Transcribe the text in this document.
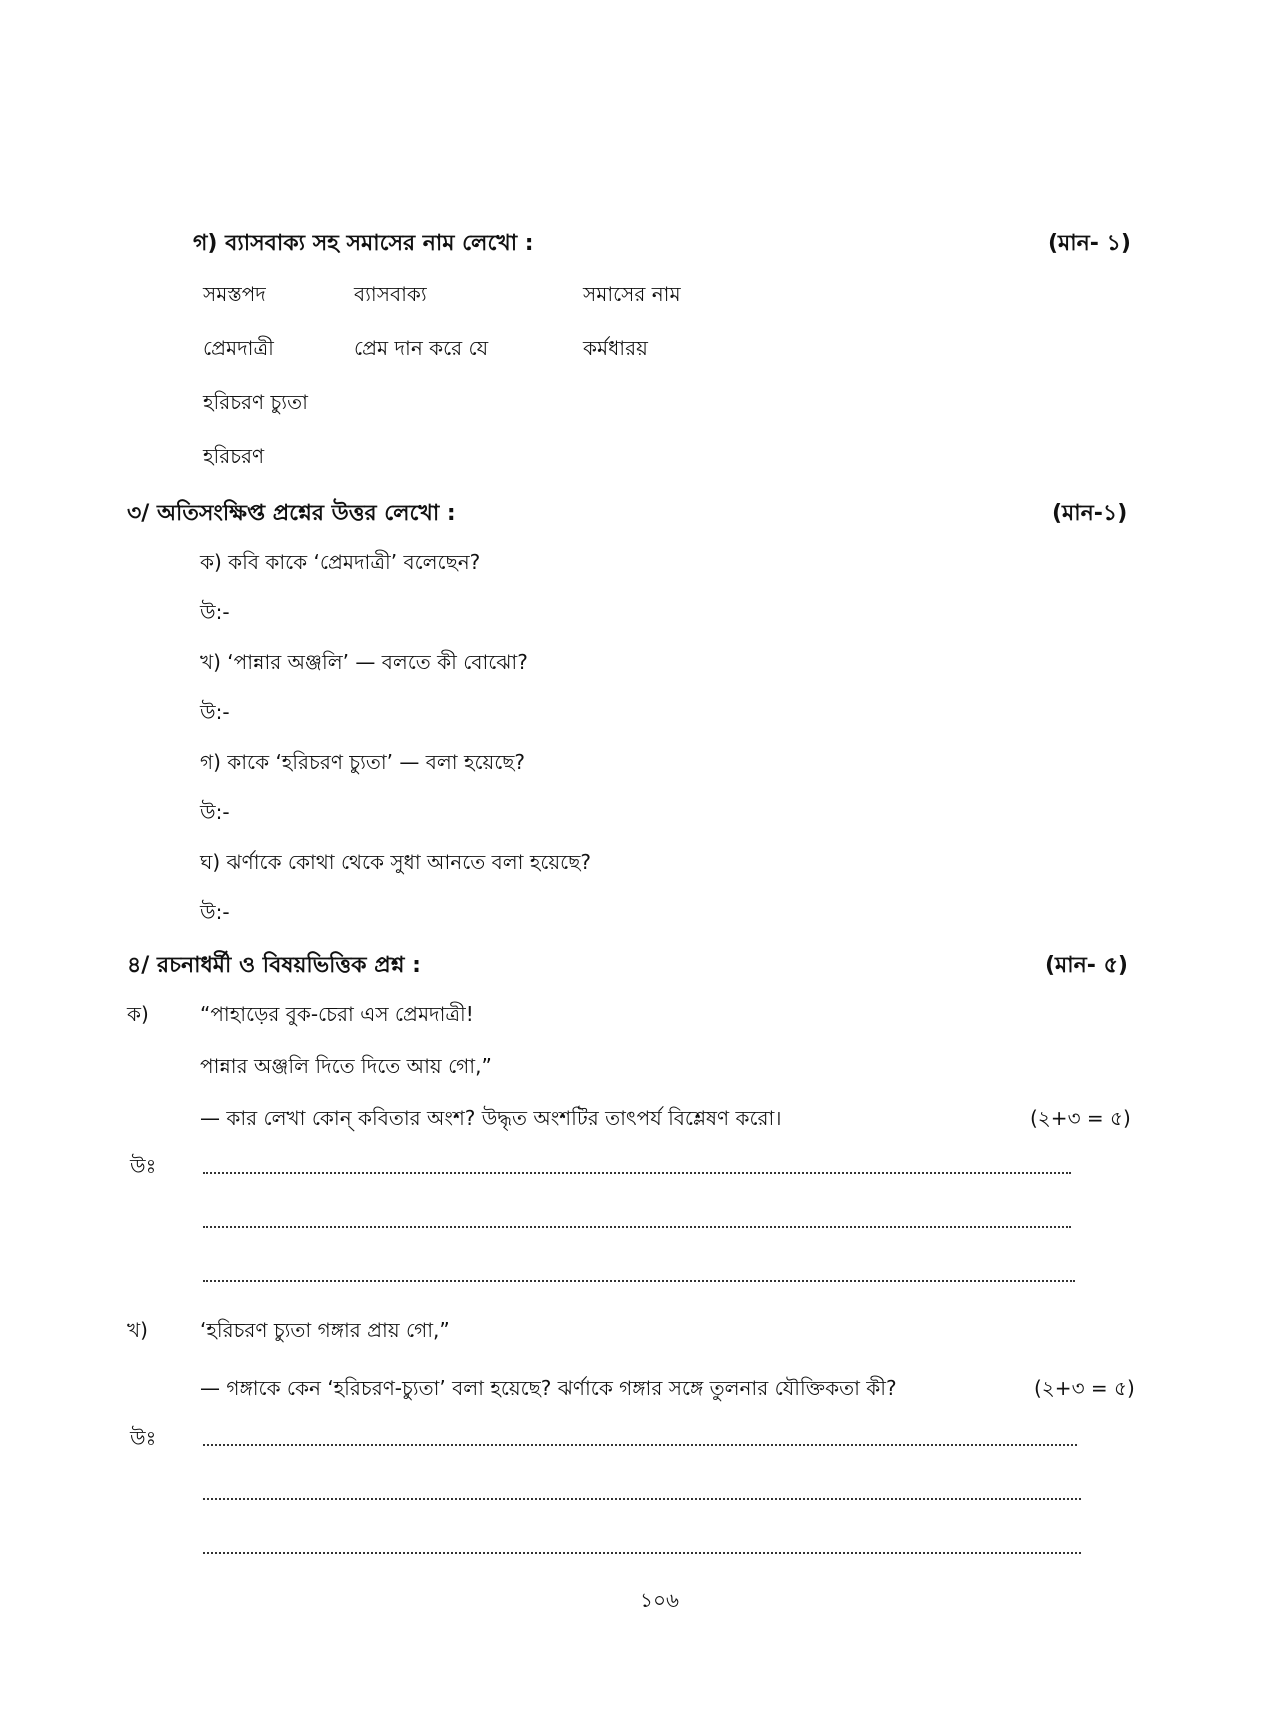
গ) ব্যাসবাক্য সহ সমাসের নাম লেখো :	(মান- ১)
সমস্তপদ	ব্যাসবাক্য	সমাসের নাম
প্রেমদাত্রী	প্রেম দান করে যে	কর্মধারয়
হরিচরণ চ্যুতা
হরিচরণ
৩/ অতিসংক্ষিপ্ত প্রশ্নের উত্তর লেখো :	(মান-১)
ক) কবি কাকে ‘প্রেমদাত্রী’ বলেছেন?
উ:-
খ) ‘পান্নার অঞ্জলি’ — বলতে কী বোঝো?
উ:-
গ) কাকে ‘হরিচরণ চ্যুতা’ — বলা হয়েছে?
উ:-
ঘ) ঝর্ণাকে কোথা থেকে সুধা আনতে বলা হয়েছে?
উ:-
৪/ রচনাধর্মী ও বিষয়ভিত্তিক প্রশ্ন :	(মান- ৫)
ক)	“পাহাড়ের বুক-চেরা এস প্রেমদাত্রী!
পান্নার অঞ্জলি দিতে দিতে আয় গো,”
— কার লেখা কোন্ কবিতার অংশ? উদ্ধৃত অংশটির তাৎপর্য বিশ্লেষণ করো।	(২+৩ = ৫)
উঃ
খ)	‘হরিচরণ চ্যুতা গঙ্গার প্রায় গো,”
— গঙ্গাকে কেন ‘হরিচরণ-চ্যুতা’ বলা হয়েছে? ঝর্ণাকে গঙ্গার সঙ্গে তুলনার যৌক্তিকতা কী?	(২+৩ = ৫)
উঃ
১০৬
